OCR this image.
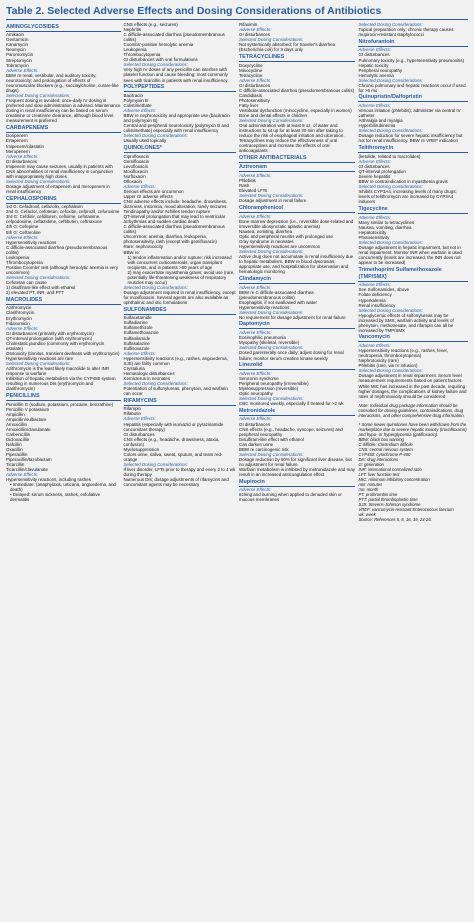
Table 2. Selected Adverse Effects and Dosing Considerations of Antibiotics
AMINOGLYCOSIDES
Amikacin
Gentamicin
Kanamycin
Neomycin
Paromomycin
Streptomycin
Tobramycin
Adverse Effects:
BBW re renal, vestibular, and auditory toxicity; neurotoxicity; and prolongation of effects of neuromuscular blockers (e.g., succinylcholine, curare-like drugs)
Selected Dosing Considerations:
Frequent dosing is avoided; once-daily IV dosing is preferred and slow administration is advised. Maintenance dosing in renal insufficiency can be based on serum creatinine or creatinine clearance, although blood level measurement is preferred
CARBAPENEMS
Doripenem
Ertapenem
Imipenem/cilastatin
Meropenem
Adverse Effects:
GI disturbances
Imipenem may cause seizures, usually in patients with CNS abnormalities or renal insufficiency in conjunction with inappropriately high doses
Selected Dosing Considerations:
Dosage adjustment of ertapenem and meropenem in renal insufficiency
CEPHALOSPORINS
1st G: Cefadroxil, cefazolin, cephalexin
2nd G: Cefaclor, cefotetan, cefoxitin, cefprozil, cefuroxime
3rd G: Cefdinir, cefditoren, cefixime, cefotaxime, cefpodoxime, ceftazidime, ceftibuten, ceftriaxone
4th G: Cefepime
5th G: Ceftaroline
Adverse Effects:
Hypersensitivity reactions
C difficile-associated diarrhea (pseudomembranous colitis)
Leukopenia
Thrombocytopenia
Positive Coombs' test (although hemolytic anemia is very uncommon)
Selected Dosing Considerations:
Cefotetan can cause
1) disulfiram-like effect with ethanol
2) elevated PT, INR, and PTT
MACROLIDES
Azithromycin
Clarithromycin
Erythromycin
Fidaxomicin
Adverse Effects:
GI disturbances (primarily with erythromycin)
QT-interval prolongation (with erythromycin)
Cholestatic jaundice (commonly with erythromycin estolate)
Ototoxicity (tinnitus, transient deafness with erythromycin)
Hypersensitivity reactions are rare
Selected Dosing Considerations:
Azithromycin is the least likely macrolide to alter INR response to warfarin
Inhibition of hepatic metabolism via the CYP450 system resulting in numerous DIs (erythromycin and clarithromycin)
PENICILLINS
Penicillin G (sodium, potassium, procaine, benzathine)
Penicillin V potassium
Ampicillin
Ampicillin/sulbactam
Amoxicillin
Amoxicillin/clavulanate
Carbenicillin
Dicloxacillin
Nafcillin
Oxacillin
Piperacillin
Piperacillin/tazobactam
Ticarcillin
Ticarcillin/clavulanate
Adverse Effects:
Hypersensitivity reactions, including rashes
• Immediate: (anaphylaxis, urticaria, angioedema, and death)
• Delayed: serum sickness, rashes, exfoliative dermatitis
CNS effects (e.g., seizures)
Nephritis
C difficile-associated diarrhea (pseudomembranous colitis)
Coombs'-positive hemolytic anemia
Leukopenia
Thrombocytopenia
GI disturbances with oral formulations
Selected Dosing Considerations:
Very high IV doses of any penicillin can interfere with platelet function and cause bleeding; most commonly seen with ticarcillin in patients with renal insufficiency
POLYPEPTIDES
Bacitracin
Polymyxin B
Colistimethate
Adverse Effects:
BBW re nephrotoxicity and appropriate use (bacitracin and polymyxin B)
Central and peripheral neurotoxicity (polymyxin B and colistimethate) especially with renal insufficiency
Selected Dosing Considerations:
Usually used topically
QUINOLONES*
Ciprofloxacin
Gemifloxacin
Levofloxacin
Moxifloxacin
Norfloxacin
Ofloxacin
Adverse Effects:
Serious effects are uncommon
Upper GI adverse effects
CNS adverse effects include: headache, drowsiness, dizziness, insomnia, mood alteration; rarely seizures
Tendinopathy and/or Achilles tendon rupture
QT-interval prolongation that may lead to ventricular arrhythmias and sudden cardiac death
C difficile-associated diarrhea (pseudomembranous colitis)
Uncommon: anemia, diarrhea, leukopenia, photosensitivity, rash (except with gemifloxacin)
Rare: nephrotoxicity
BBW re:
1) tendon inflammation and/or rupture; risk increased with concurrent corticosteroids, organ transplant recipients, and in patients >60 years of age
2) may exacerbate myasthenia gravis; avoid use (rare, potentially life-threatening weakness of respiratory muscles may occur)
Selected Dosing Considerations:
Dosage adjustment required in renal insufficiency, except for moxifloxacin. Several agents are also available as ophthalmic and otic formulations
SULFONAMIDES
Sulfacetamide
Sulfadiazine
Sulfamethizole
Sulfamethoxazole
Sulfanilamide
Sulfasalazine
Sulfisoxazole
Adverse Effects:
Hypersensitivity reactions (e.g., rashes, angioedema, SJS) are fairly common
Crystaluria
Hematologic disturbances
Kernicterus in neonates
Selected Dosing Considerations:
Potentiation of sulfonylureas, phenytoin, and warfarin can occur
RIFAMYCINS
Rifampin
Rifabutin
Adverse Effects:
Hepatitis (especially with isoniazid or pyrazinamide concomitant therapy)
GI disturbances
CNS effects (e.g., headache, drowsiness, ataxia, confusion)
Myelosuppression
Colors urine, saliva, sweat, sputum, and tears red-orange
Selected Dosing Considerations:
If liver disorder, LFTs prior to therapy and every 2 to 4 wk during therapy
Numerous DIs; dosage adjustments of rifamycins and concomitant agents may be necessary
Rifaximin
Adverse Effects:
GI disturbances
Selected Dosing Considerations:
Not systemically absorbed; for traveler's diarrhea (Escherichia coli) for 3 days only
TETRACYCLINES
Doxycycline
Minocycline
Tetracycline
Adverse Effects:
GI disturbances
C difficile-associated diarrhea (pseudomembranous colitis)
Candidiasis
Photosensitivity
Fatty liver
Vestibular dysfunction (minocycline, especially in women)
Bone and dental effects in children
Selected Dosing Considerations:
Oral administration with at least 8 oz. of water and instructions to sit up for at least 30 min after taking to reduce the risk of esophageal irritation and ulceration. Tetracyclines may reduce the effectiveness of oral contraceptives and increase the effects of oral anticoagulants
OTHER ANTIBACTERIALS
Aztreonam
Adverse Effects:
Phlebitis
Rash
Elevated LFTs
Selected Dosing Considerations:
Dosage adjustment in renal failure
Chloramphenicol
Adverse Effects:
Bone marrow depression (i.e., reversible dose-related and irreversible idiosyncratic aplastic anemia)
Nausea, vomiting, diarrhea
Optic and peripheral neuritis with prolonged use
Gray syndrome in neonates
Hypersensitivity reactions are uncommon
Selected Dosing Considerations:
Active drug does not accumulate in renal insufficiency due to hepatic metabolism. BBW re blood dyscrasias; appropriate use, and hospitalization for observation and hematologic monitoring
Clindamycin
Adverse Effects:
BBW re C difficile-associated diarrhea (pseudomembranous colitis)
Esophagitis, if not swallowed with water
Hypersensitivity reactions
Selected Dosing Considerations:
No requirement for dosage adjustment for renal failure
Daptomycin
Adverse Effects:
Eosinophilic pneumonia
Myopathy (skeletal, reversible)
Selected Dosing Considerations:
Dosed parenterally once daily; adjust dosing for renal failure; monitor serum creatine kinase weekly
Linezolid
Adverse Effects:
Serotonin syndrome
Peripheral neuropathy (irreversible)
Myelosuppression (reversible)
Optic neuropathy
Selected Dosing Considerations:
CBC monitored weekly, especially if treated for >2 wk
Metronidazole
Adverse Effects:
GI disturbances
CNS effects (e.g., headache, syncope, seizures) and peripheral neuropathy
Disulfiram-like effect with ethanol
Can darken urine
BBW re carcinogenic risk
Selected Dosing Considerations:
Dosage reduction by 50% for significant liver disease, but no adjustment for renal failure
Warfarin metabolism is inhibited by metronidazole and may result in an increased anticoagulation effect
Mupirocin
Adverse Effects:
Itching and burning when applied to denuded skin or mucous membranes
Selected Dosing Considerations:
Topical preparation only; chronic therapy causes mupirocin-resistant staphylococci
Nitrofurantoin
Adverse Effects:
GI disturbances
Pulmonary toxicity (e.g., hypersensitivity pneumonitis)
Hepatic toxicity
Peripheral neuropathy
Hemolytic anemia
Selected Dosing Considerations:
Chronic pulmonary and hepatic reactions occur if used for >6 mo
Quinupristin/Dalfopristin
Adverse Effects:
Venous irritation (phlebitis); administer via central IV catheter
Arthralgia and myalgia
Hyperbilirubinemia
Selected Dosing Considerations:
Dosage reduction for severe hepatic insufficiency but not for renal insufficiency. BBW re VREF indication
Telithromycin
(ketolide, related to macrolides)
Adverse Effects:
GI disturbances
QT-interval prolongation
Severe hepatitis
BBW re contraindication in myasthenia gravis
Selected Dosing Considerations:
Inhibits CYP3A4, increasing levels of many drugs; levels of telithromycin are increased by CYP3A4 inducers
Tigecycline
Adverse Effects:
Many similar to tetracyclines
Nausea, vomiting, diarrhea
Hepatotoxicity
Photosensitivity
Selected Dosing Considerations:
Dosage adjustment in hepatic impairment, but not in renal impairment. Monitor INR when warfarin is used concurrently (levels are increased, the INR does not appear to be increased)
Trimethoprim/ Sulfamethoxazole (TMP/SMX)
Adverse Effects:
See Sulfonamides, above
Folate deficiency
Hyperkalemia
Renal insufficiency
Selected Dosing Considerations:
Hypoglycemic effects of sulfonylureas may be increased by SMX; warfarin activity and levels of phenytoin, methotrexate, and rifampin can all be increased by TMP/SMX
Vancomycin
Adverse Effects:
Hypersensitivity reactions (e.g., rashes, fever, neutropenia, thrombocytopenia)
Nephrotoxicity (rare)
Phlebitis (rare, via IV infusion)
Selected Dosing Considerations:
Dosage adjustment in renal impairment. Serum level measurement requirements based on patient factors. While MIC has increased in the past decade, requiring higher dosages, the complications of kidney failure and rates of nephrotoxicity should be considered
Note: Individual drug package information should be consulted for dosing guidelines, contraindications, drug interactions, and other comprehensive drug information.
* Some newer quinolones have been withdrawn from the marketplace due to severe hepatic toxicity (trovafloxacin) and hypo- or hyperglycemia (gatifloxacin).
BBW: black box warning
C difficile: Clostridium difficile
CNS: central nervous system
CYP450: cytochrome P-450
DIs: drug interactions
G: generation
INR: international normalized ratio
LFT: liver function test
MIC: minimum inhibitory concentration
min: minutes
mo: month
PT: prothrombin time
PTT: partial thromboplastin time
SJS: Stevens-Johnson syndrome
VREF: vancomycin-resistant Enterococcus faecium
wk: week
Source: References 5, 8, 16, 19, 24-26.
